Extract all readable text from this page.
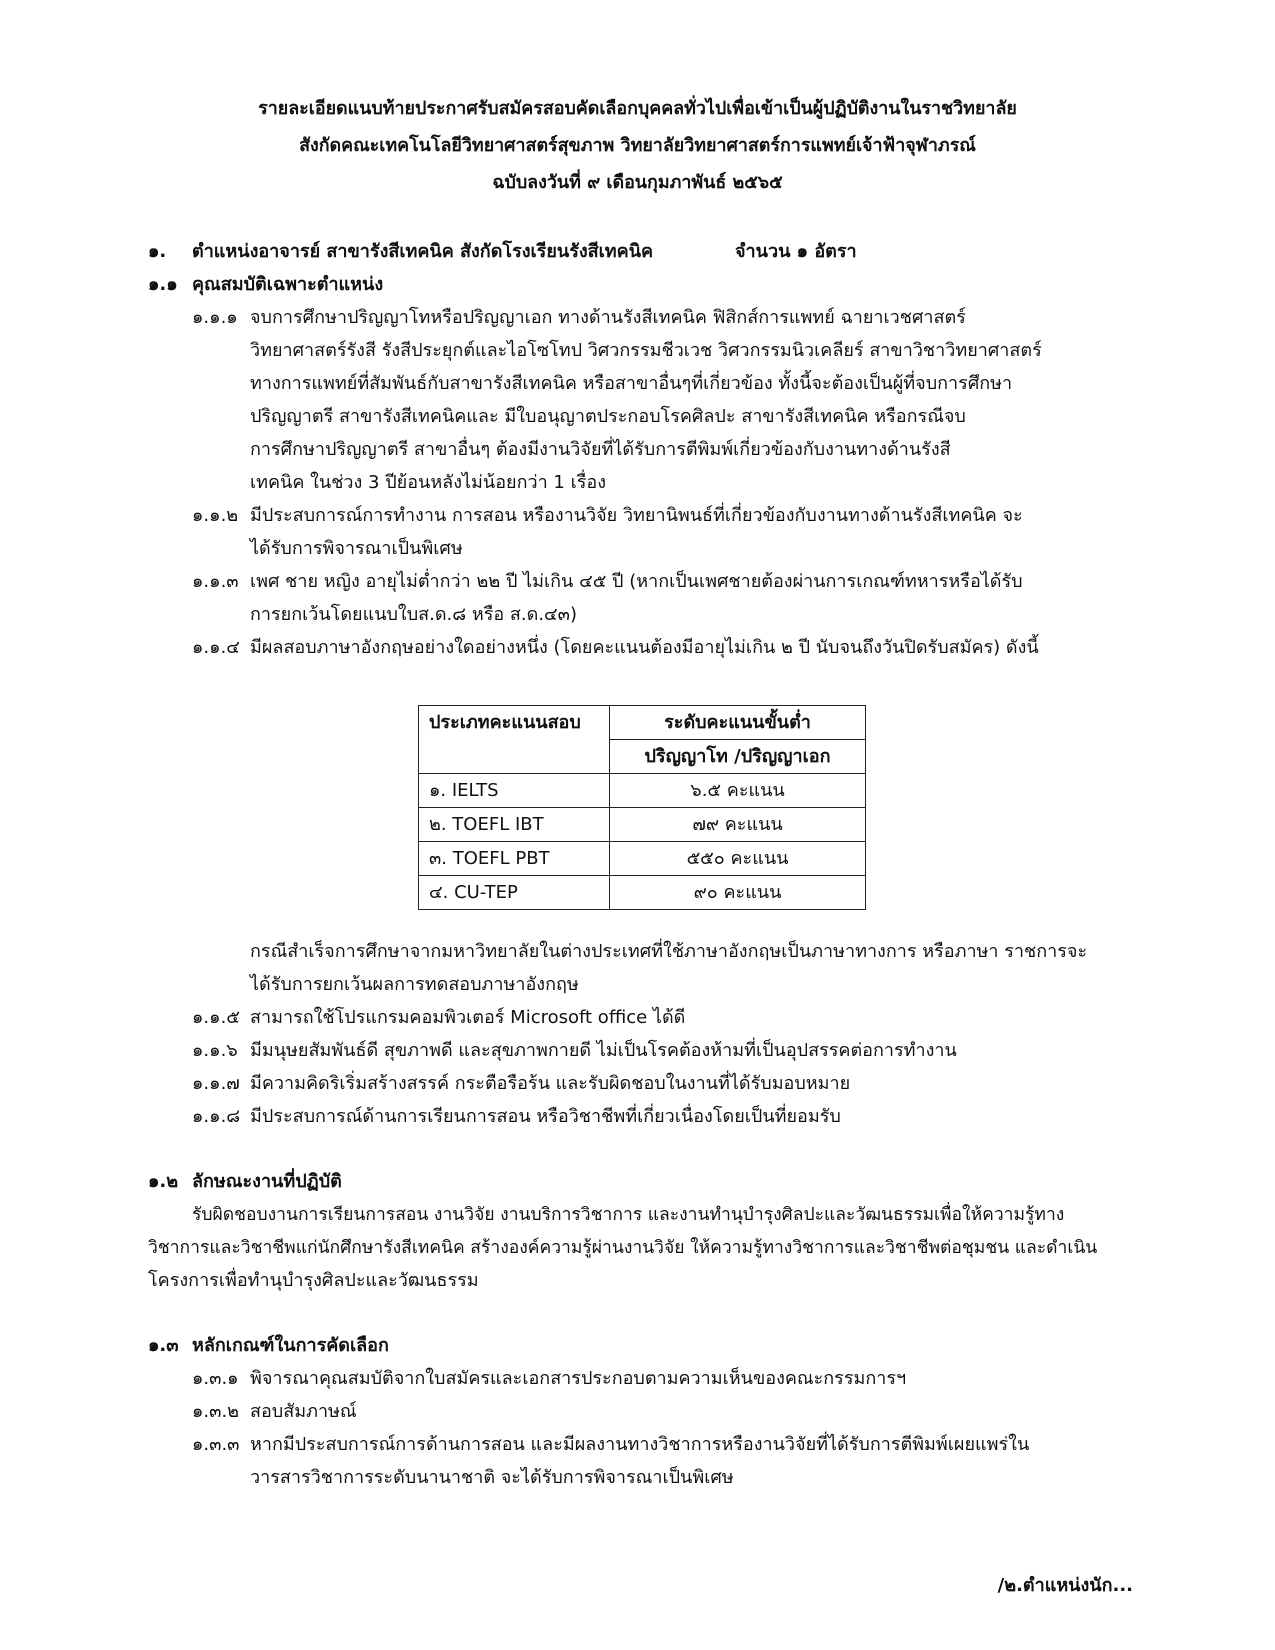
รายละเอียดแนบท้ายประกาศรับสมัครสอบคัดเลือกบุคคลทั่วไปเพื่อเข้าเป็นผู้ปฏิบัติงานในราชวิทยาลัย
สังกัดคณะเทคโนโลยีวิทยาศาสตร์สุขภาพ วิทยาลัยวิทยาศาสตร์การแพทย์เจ้าฟ้าจุฬาภรณ์
ฉบับลงวันที่ ๙ เดือนกุมภาพันธ์ ๒๕๖๕
๑. ตำแหน่งอาจารย์ สาขารังสีเทคนิค สังกัดโรงเรียนรังสีเทคนิค	จำนวน ๑ อัตรา
๑.๑ คุณสมบัติเฉพาะตำแหน่ง
๑.๑.๑ จบการศึกษาปริญญาโทหรือปริญญาเอก ทางด้านรังสีเทคนิค ฟิสิกส์การแพทย์ ฉายาเวชศาสตร์
วิทยาศาสตร์รังสี รังสีประยุกต์และไอโซโทป วิศวกรรมชีวเวช วิศวกรรมนิวเคลียร์ สาขาวิชาวิทยาศาสตร์
ทางการแพทย์ที่สัมพันธ์กับสาขารังสีเทคนิค หรือสาขาอื่นๆที่เกี่ยวข้อง ทั้งนี้จะต้องเป็นผู้ที่จบการศึกษา
ปริญญาตรี สาขารังสีเทคนิคและ มีใบอนุญาตประกอบโรคศิลปะ สาขารังสีเทคนิค หรือกรณีจบ
การศึกษาปริญญาตรี สาขาอื่นๆ ต้องมีงานวิจัยที่ได้รับการตีพิมพ์เกี่ยวข้องกับงานทางด้านรังสี
เทคนิค ในช่วง 3 ปีย้อนหลังไม่น้อยกว่า 1 เรื่อง
๑.๑.๒ มีประสบการณ์การทำงาน การสอน หรืองานวิจัย วิทยานิพนธ์ที่เกี่ยวข้องกับงานทางด้านรังสีเทคนิค จะ
ได้รับการพิจารณาเป็นพิเศษ
๑.๑.๓ เพศ ชาย หญิง อายุไม่ต่ำกว่า ๒๒ ปี ไม่เกิน ๔๕ ปี (หากเป็นเพศชายต้องผ่านการเกณฑ์ทหารหรือได้รับ
การยกเว้นโดยแนบใบส.ด.๘ หรือ ส.ด.๔๓)
๑.๑.๔ มีผลสอบภาษาอังกฤษอย่างใดอย่างหนึ่ง (โดยคะแนนต้องมีอายุไม่เกิน ๒ ปี นับจนถึงวันปิดรับสมัคร) ดังนี้
ประเภทคะแนนสอบ	ระดับคะแนนขั้นต่ำ
	ปริญญาโท /ปริญญาเอก
๑. IELTS	๖.๕ คะแนน
๒. TOEFL IBT	๗๙ คะแนน
๓. TOEFL PBT	๕๕๐ คะแนน
๔. CU-TEP	๙๐ คะแนน
กรณีสำเร็จการศึกษาจากมหาวิทยาลัยในต่างประเทศที่ใช้ภาษาอังกฤษเป็นภาษาทางการ หรือภาษา ราชการจะ
ได้รับการยกเว้นผลการทดสอบภาษาอังกฤษ
๑.๑.๕ สามารถใช้โปรแกรมคอมพิวเตอร์ Microsoft office ได้ดี
๑.๑.๖ มีมนุษยสัมพันธ์ดี สุขภาพดี และสุขภาพกายดี ไม่เป็นโรคต้องห้ามที่เป็นอุปสรรคต่อการทำงาน
๑.๑.๗ มีความคิดริเริ่มสร้างสรรค์ กระตือรือร้น และรับผิดชอบในงานที่ได้รับมอบหมาย
๑.๑.๘ มีประสบการณ์ด้านการเรียนการสอน หรือวิชาชีพที่เกี่ยวเนื่องโดยเป็นที่ยอมรับ
๑.๒ ลักษณะงานที่ปฏิบัติ
รับผิดชอบงานการเรียนการสอน งานวิจัย งานบริการวิชาการ และงานทำนุบำรุงศิลปะและวัฒนธรรมเพื่อให้ความรู้ทาง
วิชาการและวิชาชีพแก่นักศึกษารังสีเทคนิค สร้างองค์ความรู้ผ่านงานวิจัย ให้ความรู้ทางวิชาการและวิชาชีพต่อชุมชน และดำเนิน
โครงการเพื่อทำนุบำรุงศิลปะและวัฒนธรรม
๑.๓ หลักเกณฑ์ในการคัดเลือก
๑.๓.๑ พิจารณาคุณสมบัติจากใบสมัครและเอกสารประกอบตามความเห็นของคณะกรรมการฯ
๑.๓.๒ สอบสัมภาษณ์
๑.๓.๓ หากมีประสบการณ์การด้านการสอน และมีผลงานทางวิชาการหรืองานวิจัยที่ได้รับการตีพิมพ์เผยแพร่ใน
วารสารวิชาการระดับนานาชาติ จะได้รับการพิจารณาเป็นพิเศษ
/๒.ตำแหน่งนัก...
